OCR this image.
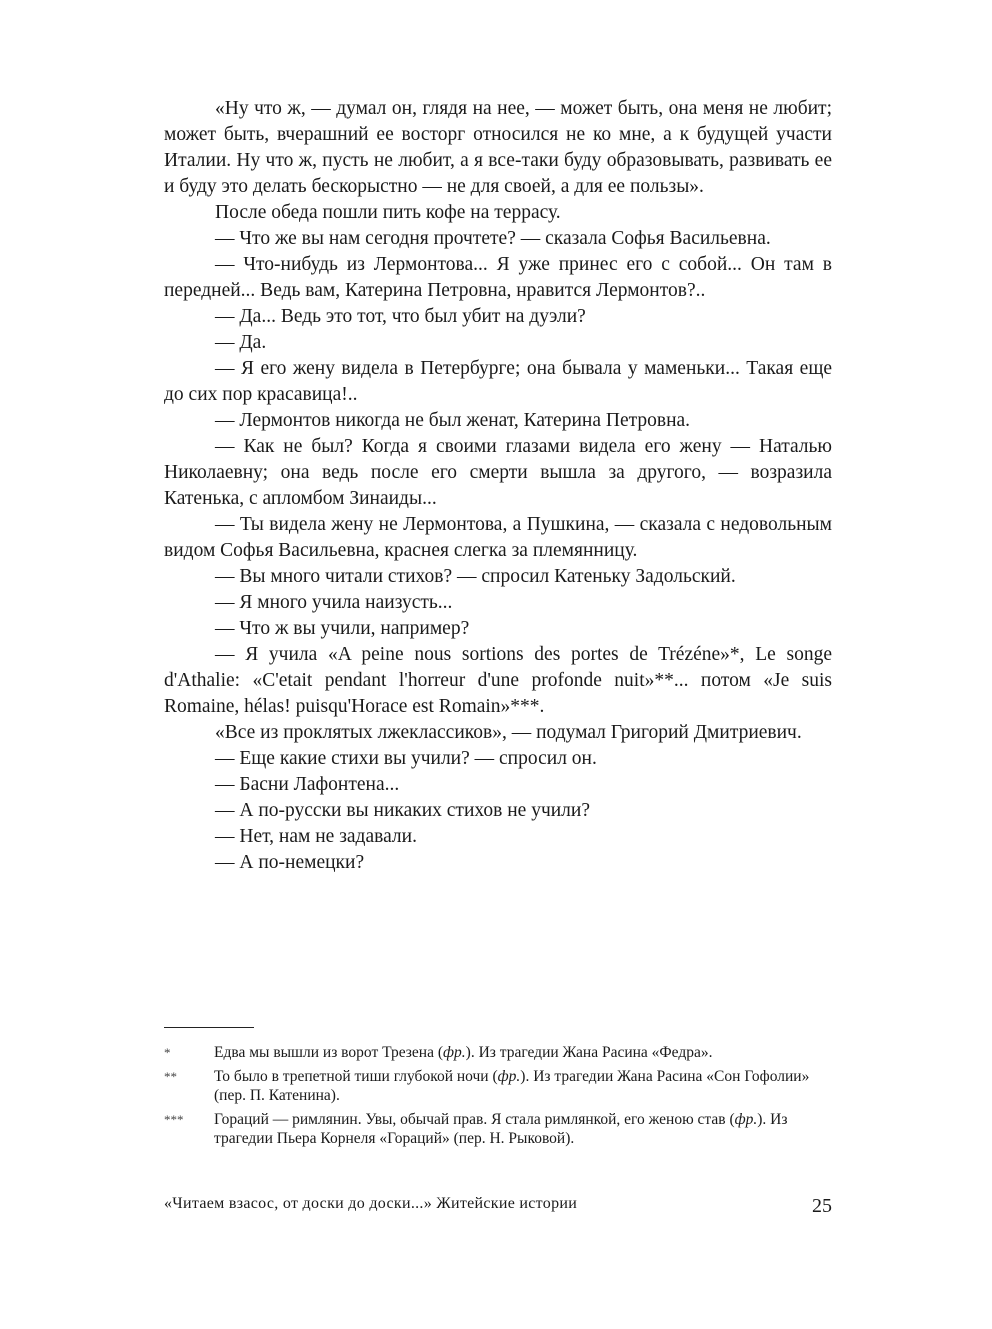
«Ну что ж, — думал он, глядя на нее, — может быть, она меня не любит; может быть, вчерашний ее восторг относился не ко мне, а к будущей участи Италии. Ну что ж, пусть не любит, а я все-таки буду образовывать, развивать ее и буду это делать бескорыстно — не для своей, а для ее пользы».

После обеда пошли пить кофе на террасу.

— Что же вы нам сегодня прочтете? — сказала Софья Васильевна.

— Что-нибудь из Лермонтова... Я уже принес его с собой... Он там в передней... Ведь вам, Катерина Петровна, нравится Лермонтов?..

— Да... Ведь это тот, что был убит на дуэли?

— Да.

— Я его жену видела в Петербурге; она бывала у маменьки... Такая еще до сих пор красавица!..

— Лермонтов никогда не был женат, Катерина Петровна.

— Как не был? Когда я своими глазами видела его жену — Наталью Николаевну; она ведь после его смерти вышла за другого, — возразила Катенька, с апломбом Зинаиды...

— Ты видела жену не Лермонтова, а Пушкина, — сказала с недовольным видом Софья Васильевна, краснея слегка за племянницу.

— Вы много читали стихов? — спросил Катеньку Задольский.

— Я много учила наизусть...

— Что ж вы учили, например?

— Я учила «A peine nous sortions des portes de Trézéne»*, Le songe d'Athalie: «C'etait pendant l'horreur d'une profonde nuit»**... потом «Je suis Romaine, hélas! puisqu'Horace est Romain»***.

«Все из проклятых лжеклассиков», — подумал Григорий Дмитриевич.

— Еще какие стихи вы учили? — спросил он.

— Басни Лафонтена...

— А по-русски вы никаких стихов не учили?

— Нет, нам не задавали.

— А по-немецки?

*	Едва мы вышли из ворот Трезена (фр.). Из трагедии Жана Расина «Федра».
**	То было в трепетной тиши глубокой ночи (фр.). Из трагедии Жана Расина «Сон Гофолии» (пер. П. Катенина).
***	Гораций — римлянин. Увы, обычай прав. Я стала римлянкой, его женою став (фр.). Из трагедии Пьера Корнеля «Гораций» (пер. Н. Рыковой).
«Читаем взасос, от доски до доски...» Житейские истории	25
